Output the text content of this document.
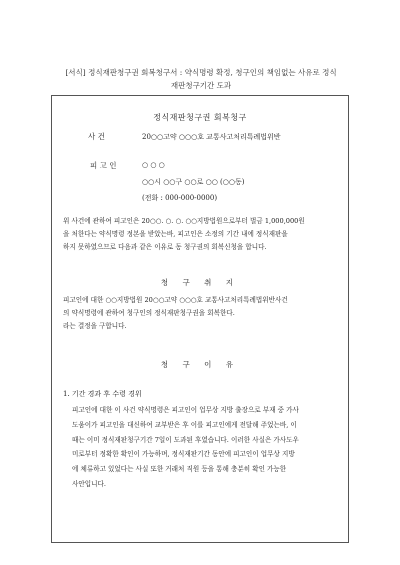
[서식] 정식재판청구권 회복청구서 : 약식명령 확정, 청구인의 책임없는 사유로 정식
재판청구기간 도과
정식재판청구권 회복청구
사 건	20○○고약 ○○○호 교통사고처리특례법위반
피 고 인	○ ○ ○
○○시 ○○구 ○○로 ○○ (○○동)
(전화 : 000-000-0000)
위 사건에 관하여 피고인은 20○○. ○. ○. ○○지방법원으로부터 벌금 1,000,000원
을 처한다는 약식명령 정본을 받았는바, 피고인은 소정의 기간 내에 정식재판을
하지 못하였으므로 다음과 같은 이유로 동 청구권의 회복신청을 합니다.
청 구 취 지
피고인에 대한 ○○지방법원 20○○고약 ○○○호 교통사고처리특례법위반사건
의 약식명령에 관하여 청구인의 정식재판청구권을 회복한다.
라는 결정을 구합니다.
청 구 이 유
1. 기간 경과 후 수령 경위
피고인에 대한 이 사건 약식명령은 피고인이 업무상 지방 출장으로 부재 중 가사
도움이가 피고인을 대신하여 교부받은 후 이를 피고인에게 전달해 주었는바, 이
때는 이미 정식재판청구기간 7일이 도과된 후였습니다. 이러한 사실은 가사도우
미로부터 정확한 확인이 가능하며, 정식재판기간 동안에 피고인이 업무상 지방
에 체류하고 있었다는 사실 또한 거래처 직원 등을 통해 충분히 확인 가능한
사안입니다.
